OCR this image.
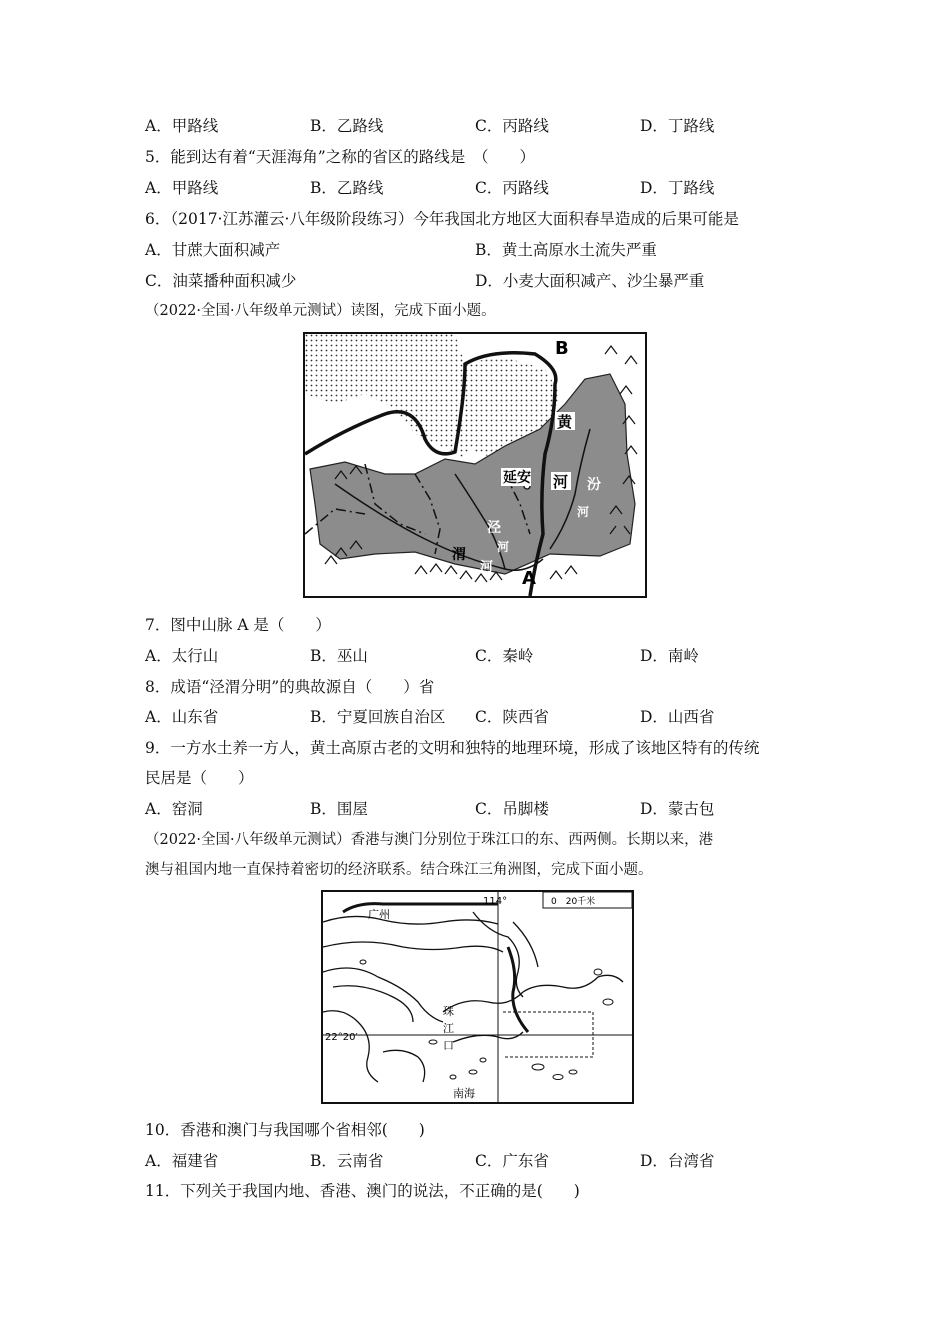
A．甲路线	B．乙路线	C．丙路线	D．丁路线
5．能到达有着“天涯海角”之称的省区的路线是　（　　）
A．甲路线	B．乙路线	C．丙路线	D．丁路线
6．（2017·江苏灌云·八年级阶段练习）今年我国北方地区大面积春旱造成的后果可能是
A．甘蔗大面积减产	B．黄土高原水土流失严重
C．油菜播种面积减少	D．小麦大面积减产、沙尘暴严重
（2022·全国·八年级单元测试）读图，完成下面小题。
B
A
延安
黄
河 汾
河
泾
河
渭
河
7．图中山脉 A 是（　　）
A．太行山	B．巫山	C．秦岭	D．南岭
8．成语“泾渭分明”的典故源自（　　）省
A．山东省	B．宁夏回族自治区 C．陕西省	D．山西省
9．一方水土养一方人，黄土高原古老的文明和独特的地理环境，形成了该地区特有的传统
民居是（　　）
A．窑洞	B．围屋	C．吊脚楼	D．蒙古包
（2022·全国·八年级单元测试）香港与澳门分别位于珠江口的东、西两侧。长期以来，港
澳与祖国内地一直保持着密切的经济联系。结合珠江三角洲图，完成下面小题。
广州
114°	0　20千米
22°20′
珠
江
口
南海
10．香港和澳门与我国哪个省相邻(　　)
A．福建省	B．云南省	C．广东省	D．台湾省
11．下列关于我国内地、香港、澳门的说法，不正确的是(　　)
